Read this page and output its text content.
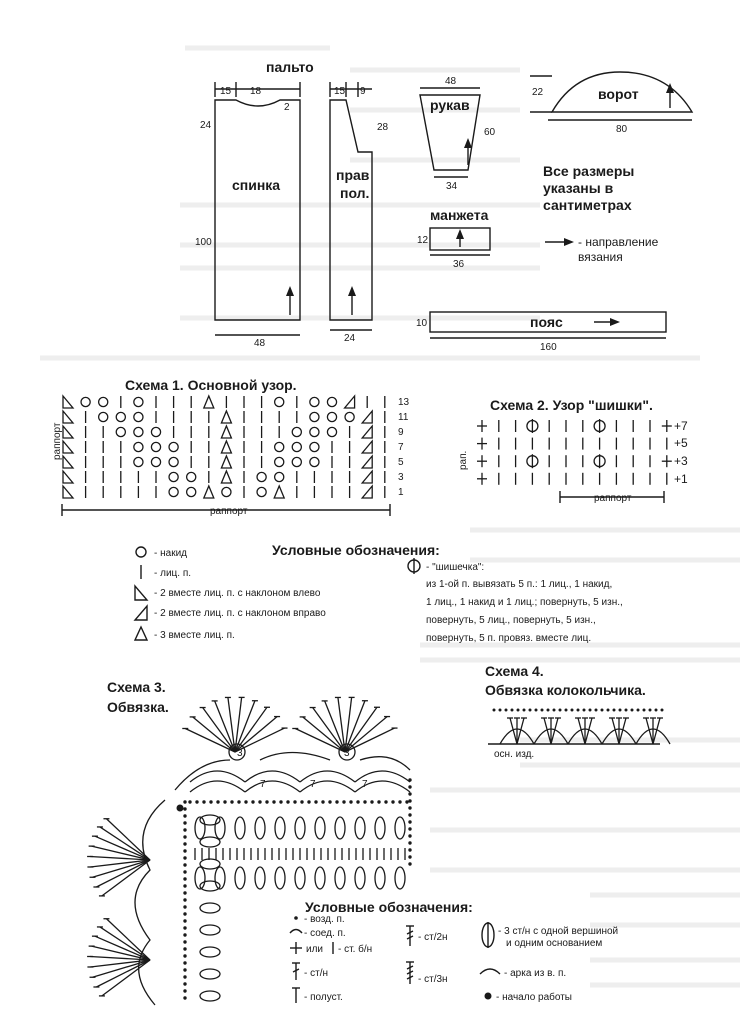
пальто
15 18
2
24
100
спинка
48
15 9
28
прав
пол.
24
48
рукав
60
34
22	ворот
80
Все размеры
указаны в
сантиметрах
манжета
12
36
- направление
вязания
10	пояс
160
Схема 1. Основной узор.
раппорт
13
11
9
7
5
3
1
раппорт
Схема 2. Узор "шишки".
рап.
+7
+5
+3
+1
раппорт
Условные обозначения:
- накид
- лиц. п.
- 2 вместе лиц. п. с наклоном влево
- 2 вместе лиц. п. с наклоном вправо
- 3 вместе лиц. п.
- "шишечка":
из 1-ой п. вывязать 5 п.: 1 лиц., 1 накид,
1 лиц., 1 накид и 1 лиц.; повернуть, 5 изн.,
повернуть, 5 лиц., повернуть, 5 изн.,
повернуть, 5 п. провяз. вместе лиц.
Схема 3.
Обвязка.
3	3
7	7	7
Схема 4.
Обвязка колокольчика.
осн. изд.
Условные обозначения:
- возд. п.
- соед. п.
или - ст. б/н
- ст/н
- полуст.
- ст/2н
- ст/3н
- 3 ст/н с одной вершиной
и одним основанием
- арка из в. п.
- начало работы
